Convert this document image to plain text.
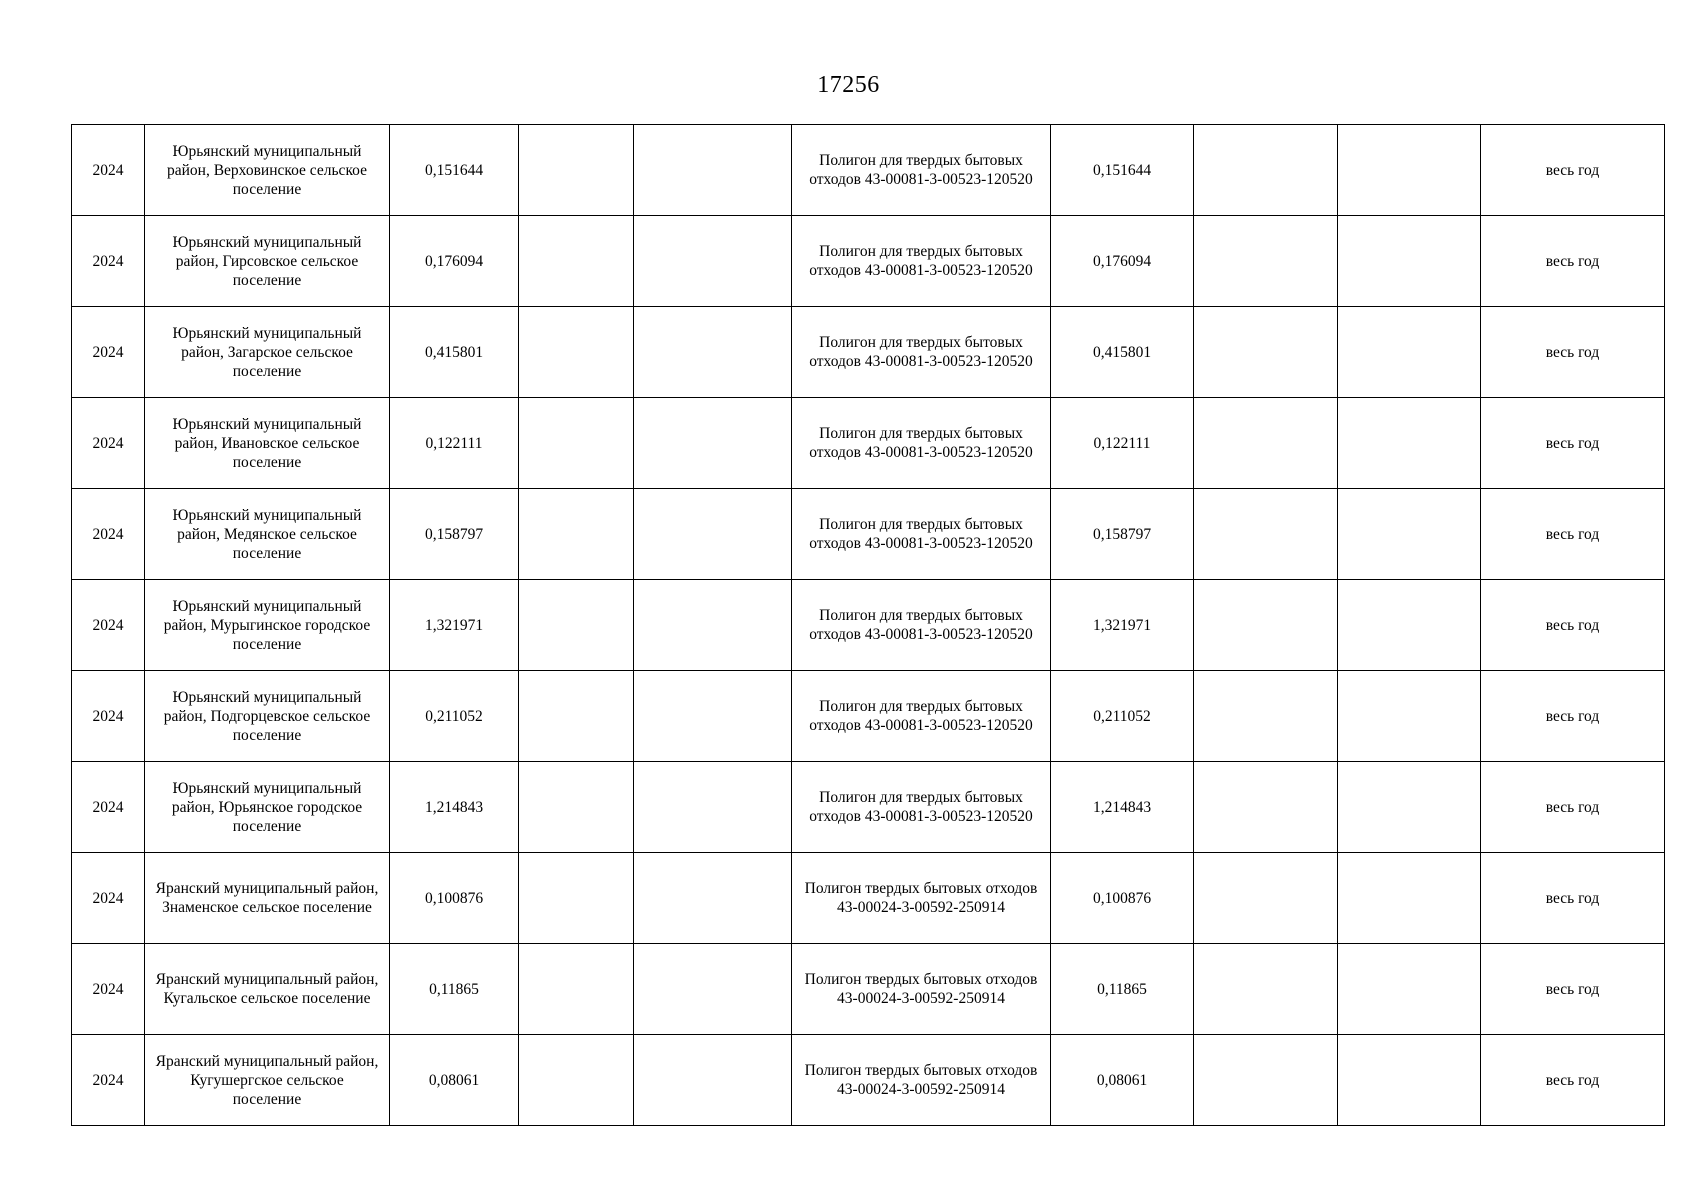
17256
2024	Юрьянский муниципальный район, Верховинское сельское поселение	0,151644			Полигон для твердых бытовых отходов 43-00081-3-00523-120520	0,151644			весь год
2024	Юрьянский муниципальный район, Гирсовское сельское поселение	0,176094			Полигон для твердых бытовых отходов 43-00081-3-00523-120520	0,176094			весь год
2024	Юрьянский муниципальный район, Загарское сельское поселение	0,415801			Полигон для твердых бытовых отходов 43-00081-3-00523-120520	0,415801			весь год
2024	Юрьянский муниципальный район, Ивановское сельское поселение	0,122111			Полигон для твердых бытовых отходов 43-00081-3-00523-120520	0,122111			весь год
2024	Юрьянский муниципальный район, Медянское сельское поселение	0,158797			Полигон для твердых бытовых отходов 43-00081-3-00523-120520	0,158797			весь год
2024	Юрьянский муниципальный район, Мурыгинское городское поселение	1,321971			Полигон для твердых бытовых отходов 43-00081-3-00523-120520	1,321971			весь год
2024	Юрьянский муниципальный район, Подгорцевское сельское поселение	0,211052			Полигон для твердых бытовых отходов 43-00081-3-00523-120520	0,211052			весь год
2024	Юрьянский муниципальный район, Юрьянское городское поселение	1,214843			Полигон для твердых бытовых отходов 43-00081-3-00523-120520	1,214843			весь год
2024	Яранский муниципальный район, Знаменское сельское поселение	0,100876			Полигон твердых бытовых отходов 43-00024-3-00592-250914	0,100876			весь год
2024	Яранский муниципальный район, Кугальское сельское поселение	0,11865			Полигон твердых бытовых отходов 43-00024-3-00592-250914	0,11865			весь год
2024	Яранский муниципальный район, Кугушергское сельское поселение	0,08061			Полигон твердых бытовых отходов 43-00024-3-00592-250914	0,08061			весь год
